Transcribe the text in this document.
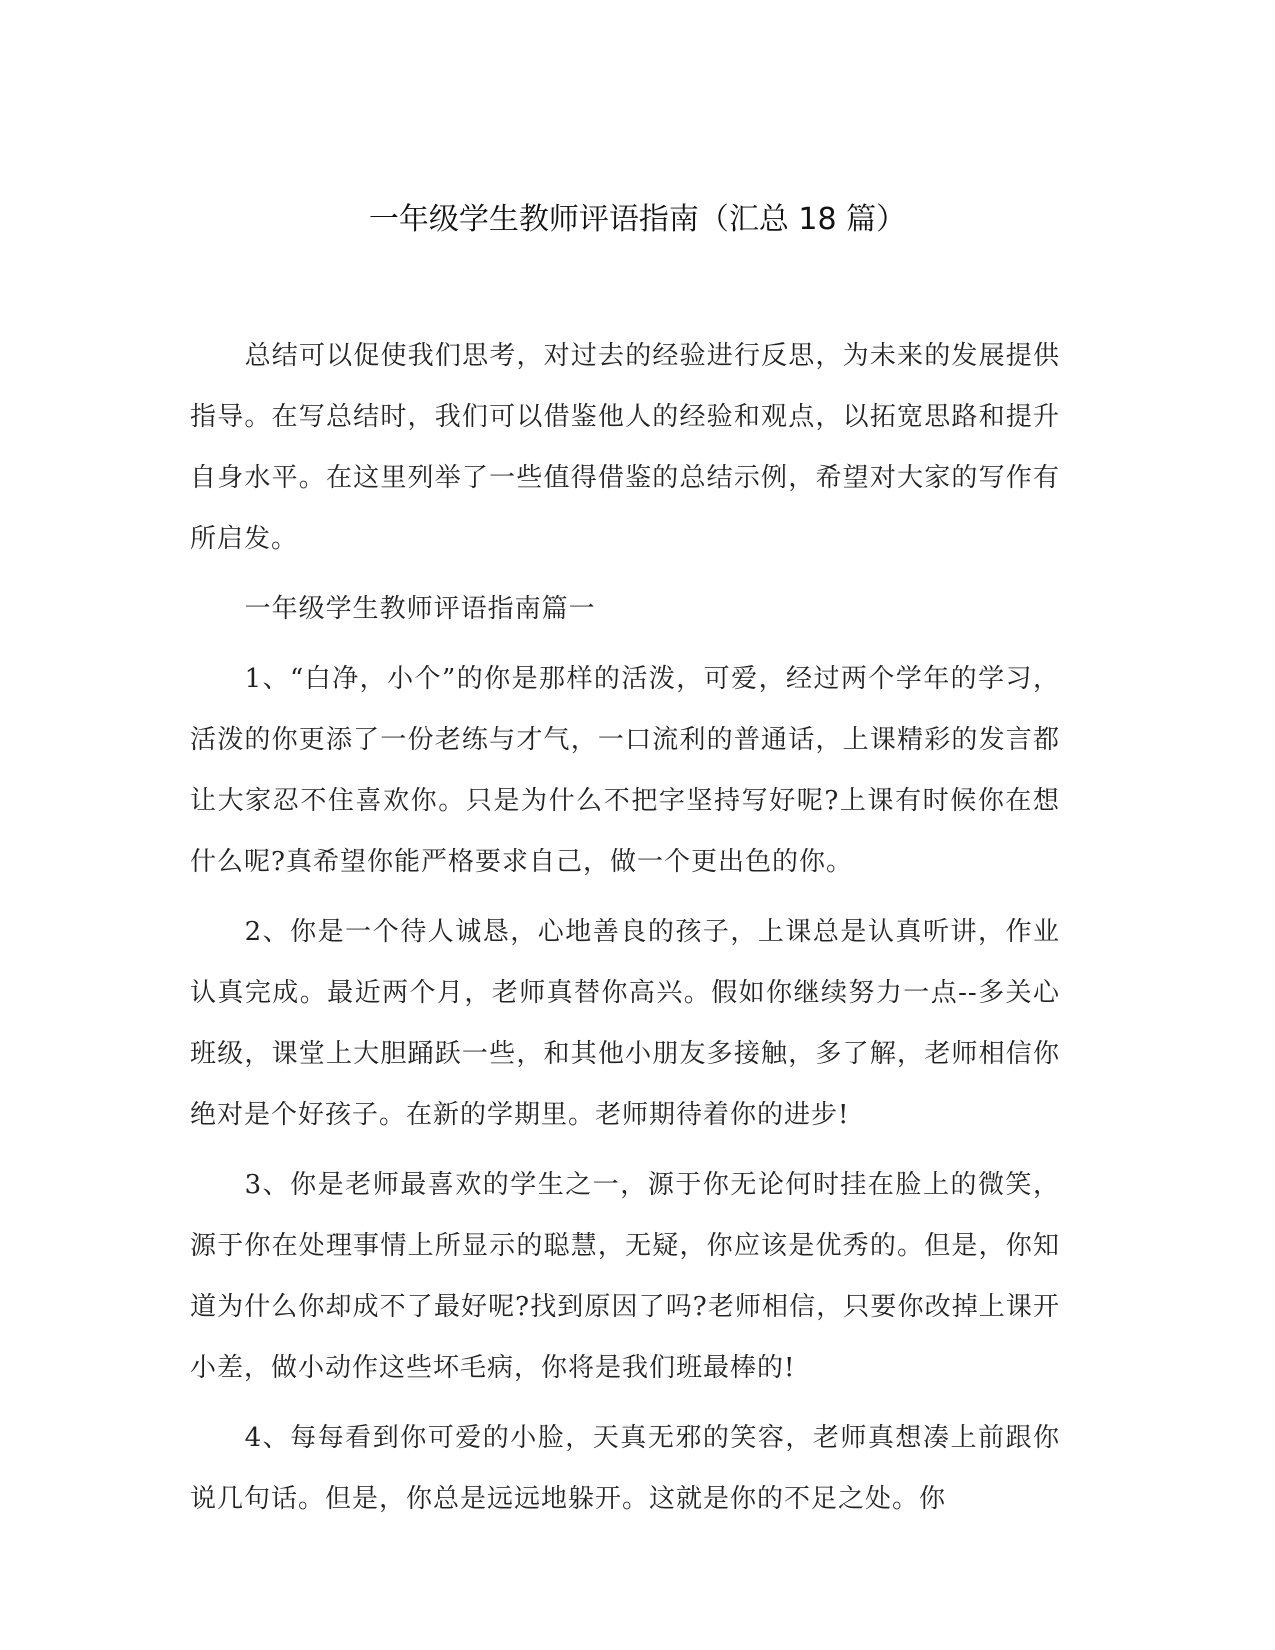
一年级学生教师评语指南（汇总 18 篇）

总结可以促使我们思考，对过去的经验进行反思，为未来的发展提供指导。在写总结时，我们可以借鉴他人的经验和观点，以拓宽思路和提升自身水平。在这里列举了一些值得借鉴的总结示例，希望对大家的写作有所启发。

一年级学生教师评语指南篇一

1、“白净，小个”的你是那样的活泼，可爱，经过两个学年的学习，活泼的你更添了一份老练与才气，一口流利的普通话，上课精彩的发言都让大家忍不住喜欢你。只是为什么不把字坚持写好呢?上课有时候你在想什么呢?真希望你能严格要求自己，做一个更出色的你。

2、你是一个待人诚恳，心地善良的孩子，上课总是认真听讲，作业认真完成。最近两个月，老师真替你高兴。假如你继续努力一点--多关心班级，课堂上大胆踊跃一些，和其他小朋友多接触，多了解，老师相信你绝对是个好孩子。在新的学期里。老师期待着你的进步!

3、你是老师最喜欢的学生之一，源于你无论何时挂在脸上的微笑，源于你在处理事情上所显示的聪慧，无疑，你应该是优秀的。但是，你知道为什么你却成不了最好呢?找到原因了吗?老师相信，只要你改掉上课开小差，做小动作这些坏毛病，你将是我们班最棒的!

4、每每看到你可爱的小脸，天真无邪的笑容，老师真想凑上前跟你说几句话。但是，你总是远远地躲开。这就是你的不足之处。你
